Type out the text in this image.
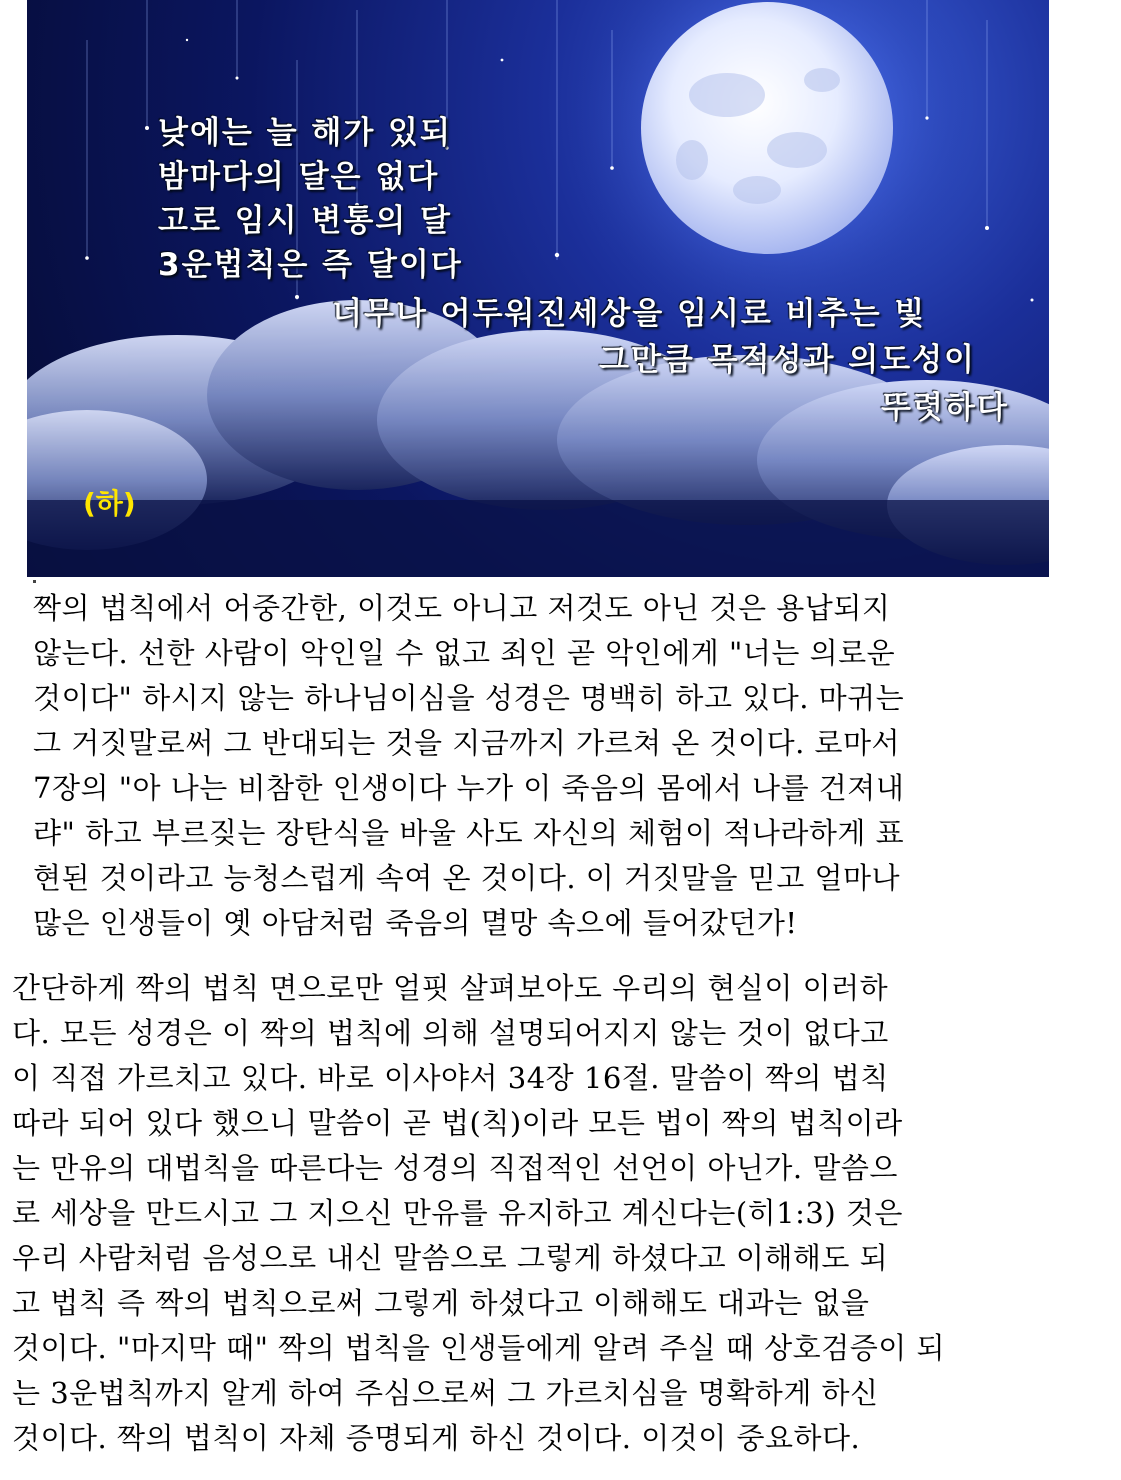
낮에는 늘 해가 있되
밤마다의 달은 없다
고로 임시 변통의 달
3운법칙은 즉 달이다
너무나 어두워진세상을 임시로 비추는 빛
그만큼 목적성과 의도성이
뚜렷하다
(하)
짝의 법칙에서 어중간한, 이것도 아니고 저것도 아닌 것은 용납되지
않는다. 선한 사람이 악인일 수 없고 죄인 곧 악인에게 "너는 의로운
것이다" 하시지 않는 하나님이심을 성경은 명백히 하고 있다. 마귀는
그 거짓말로써 그 반대되는 것을 지금까지 가르쳐 온 것이다. 로마서
7장의 "아 나는 비참한 인생이다 누가 이 죽음의 몸에서 나를 건져내
랴" 하고 부르짖는 장탄식을 바울 사도 자신의 체험이 적나라하게 표
현된 것이라고 능청스럽게 속여 온 것이다. 이 거짓말을 믿고 얼마나
많은 인생들이 옛 아담처럼 죽음의 멸망 속으에 들어갔던가!
간단하게 짝의 법칙 면으로만 얼핏 살펴보아도 우리의 현실이 이러하
다. 모든 성경은 이 짝의 법칙에 의해 설명되어지지 않는 것이 없다고
이 직접 가르치고 있다. 바로 이사야서 34장 16절. 말씀이 짝의 법칙
따라 되어 있다 했으니 말씀이 곧 법(칙)이라 모든 법이 짝의 법칙이라
는 만유의 대법칙을 따른다는 성경의 직접적인 선언이 아닌가. 말씀으
로 세상을 만드시고 그 지으신 만유를 유지하고 계신다는(히1:3) 것은
우리 사람처럼 음성으로 내신 말씀으로 그렇게 하셨다고 이해해도 되
고 법칙 즉 짝의 법칙으로써 그렇게 하셨다고 이해해도 대과는 없을
것이다. "마지막 때" 짝의 법칙을 인생들에게 알려 주실 때 상호검증이 되
는 3운법칙까지 알게 하여 주심으로써 그 가르치심을 명확하게 하신
것이다. 짝의 법칙이 자체 증명되게 하신 것이다. 이것이 중요하다.
